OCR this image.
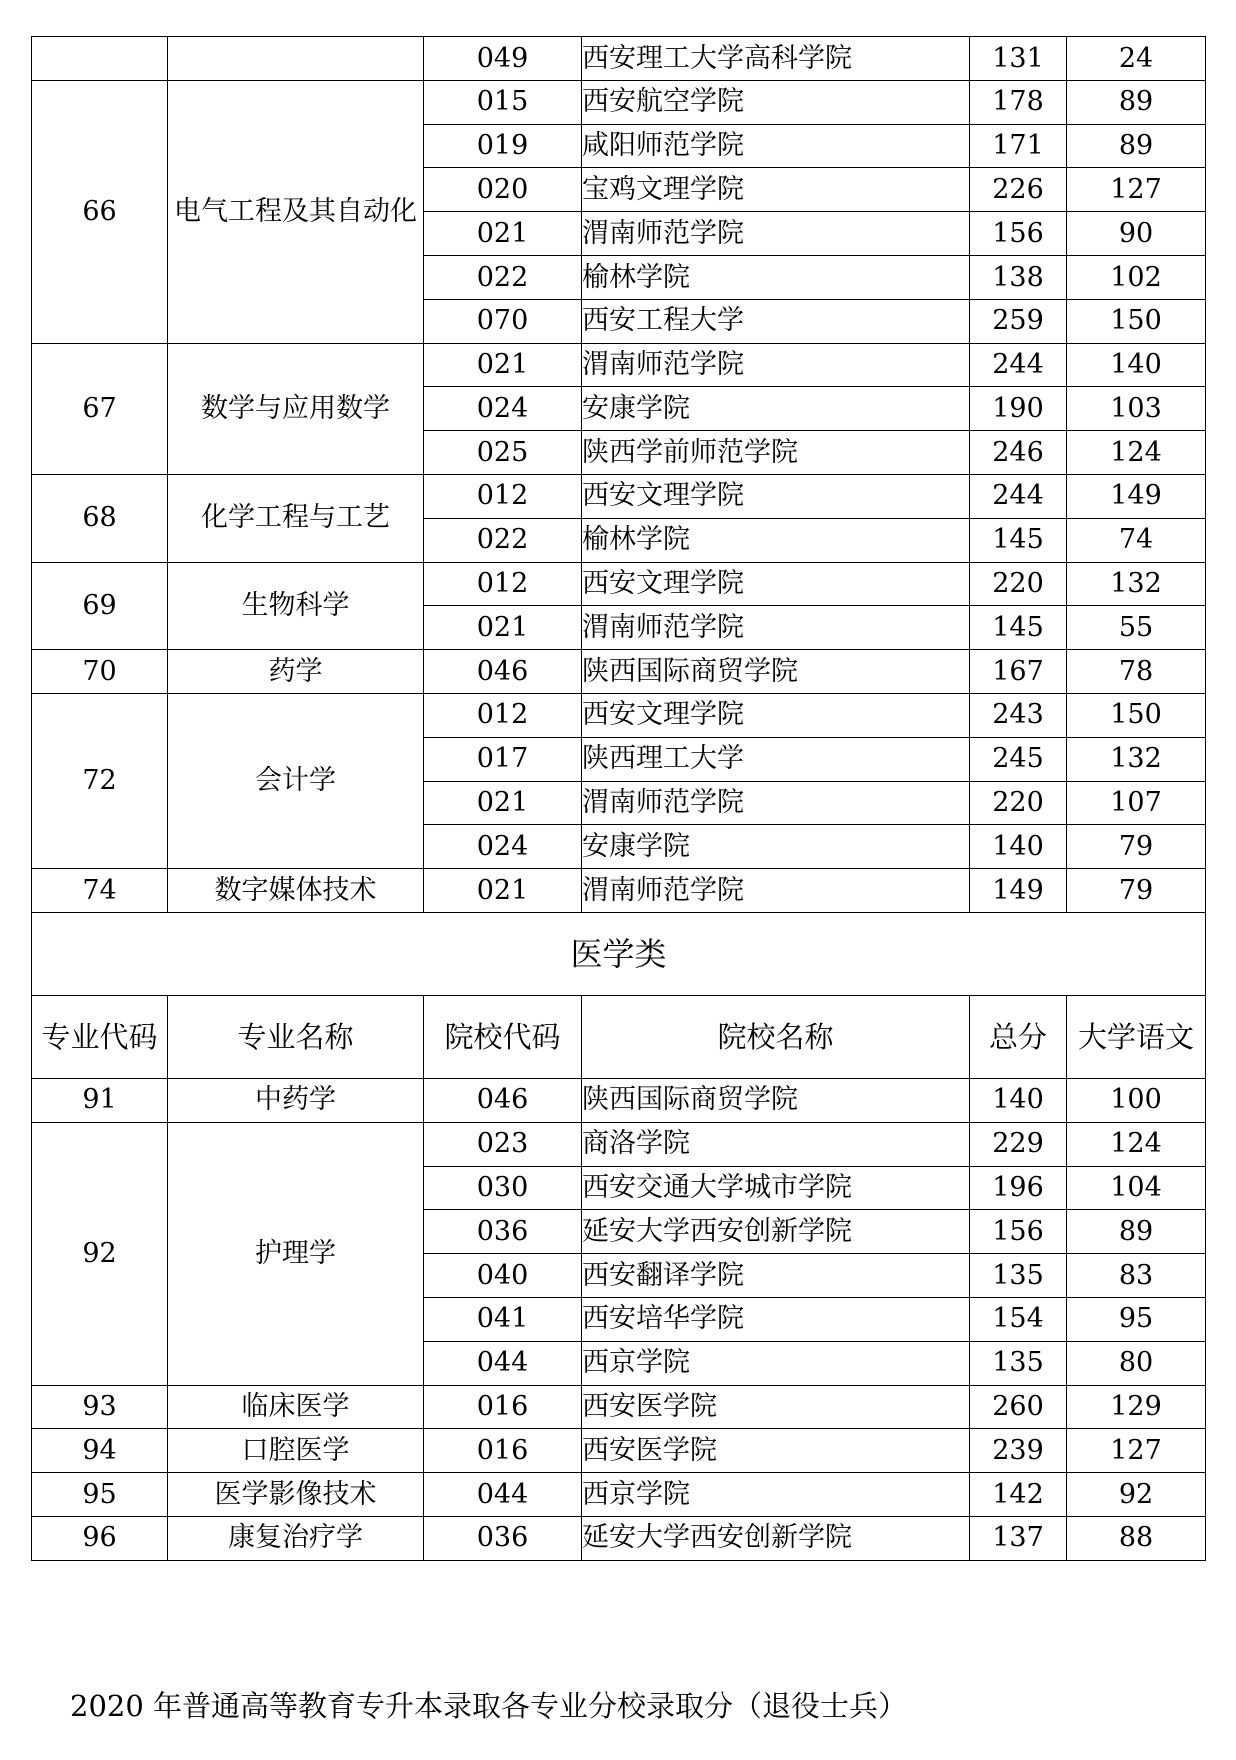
		049	西安理工大学高科学院	131	24
66	电气工程及其自动化	015	西安航空学院	178	89
		019	咸阳师范学院	171	89
		020	宝鸡文理学院	226	127
		021	渭南师范学院	156	90
		022	榆林学院	138	102
		070	西安工程大学	259	150
67	数学与应用数学	021	渭南师范学院	244	140
		024	安康学院	190	103
		025	陕西学前师范学院	246	124
68	化学工程与工艺	012	西安文理学院	244	149
		022	榆林学院	145	74
69	生物科学	012	西安文理学院	220	132
		021	渭南师范学院	145	55
70	药学	046	陕西国际商贸学院	167	78
72	会计学	012	西安文理学院	243	150
		017	陕西理工大学	245	132
		021	渭南师范学院	220	107
		024	安康学院	140	79
74	数字媒体技术	021	渭南师范学院	149	79
医学类					
专业代码	专业名称	院校代码	院校名称	总分	大学语文
91	中药学	046	陕西国际商贸学院	140	100
92	护理学	023	商洛学院	229	124
		030	西安交通大学城市学院	196	104
		036	延安大学西安创新学院	156	89
		040	西安翻译学院	135	83
		041	西安培华学院	154	95
		044	西京学院	135	80
93	临床医学	016	西安医学院	260	129
94	口腔医学	016	西安医学院	239	127
95	医学影像技术	044	西京学院	142	92
96	康复治疗学	036	延安大学西安创新学院	137	88
2020 年普通高等教育专升本录取各专业分校录取分（退役士兵）
